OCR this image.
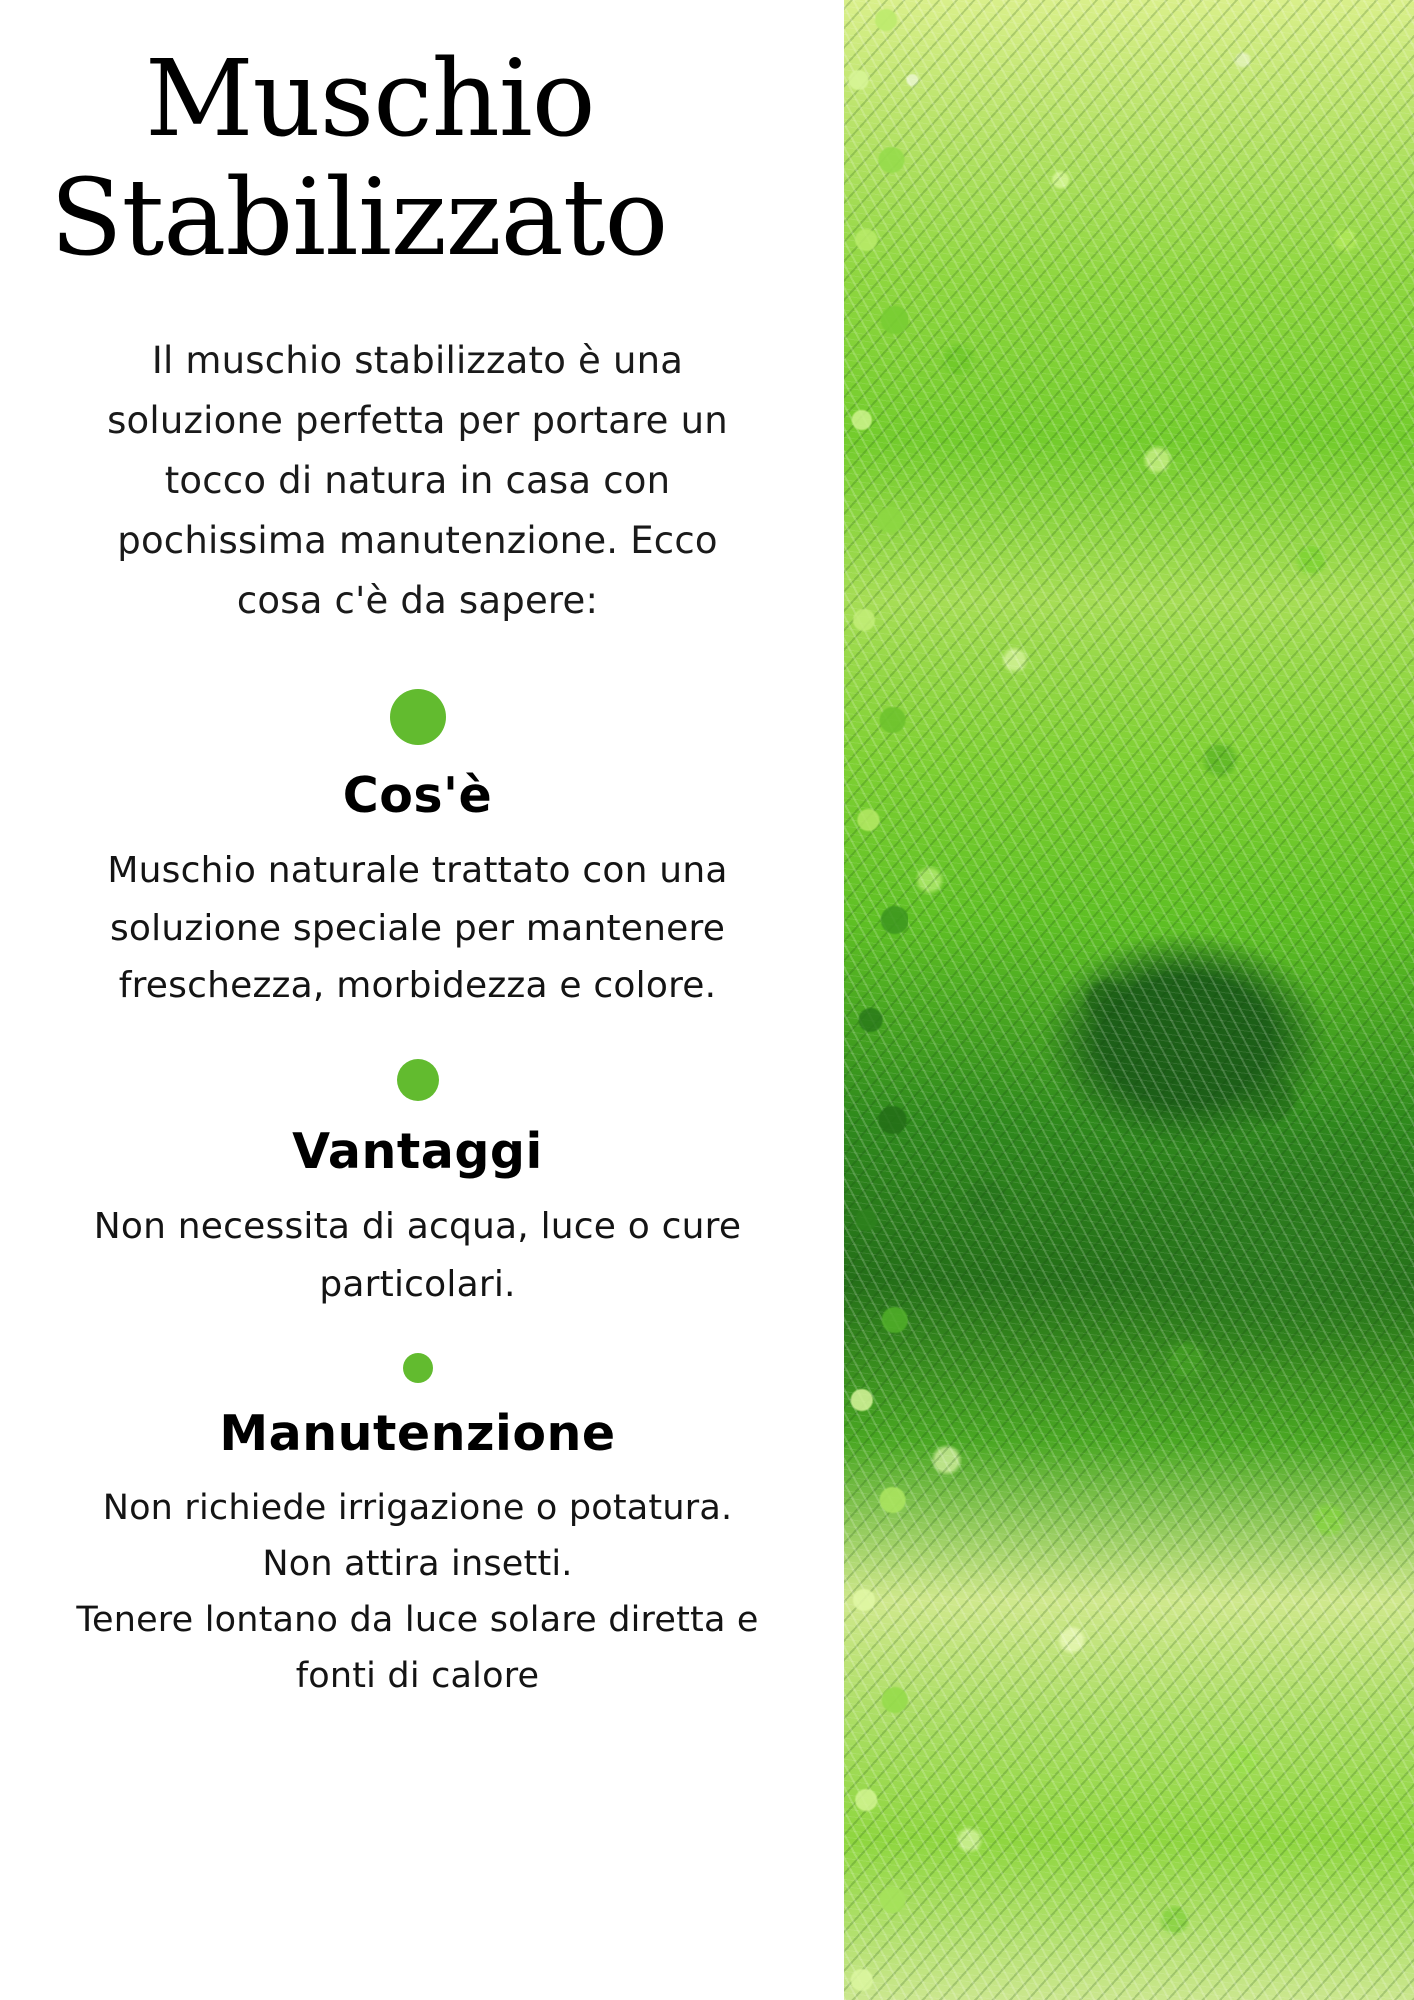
Muschio
Stabilizzato

Il muschio stabilizzato è una soluzione perfetta per portare un tocco di natura in casa con pochissima manutenzione. Ecco cosa c'è da sapere:

Cos'è

Muschio naturale trattato con una soluzione speciale per mantenere freschezza, morbidezza e colore.

Vantaggi

Non necessita di acqua, luce o cure particolari.

Manutenzione

Non richiede irrigazione o potatura.
Non attira insetti.
Tenere lontano da luce solare diretta e fonti di calore
